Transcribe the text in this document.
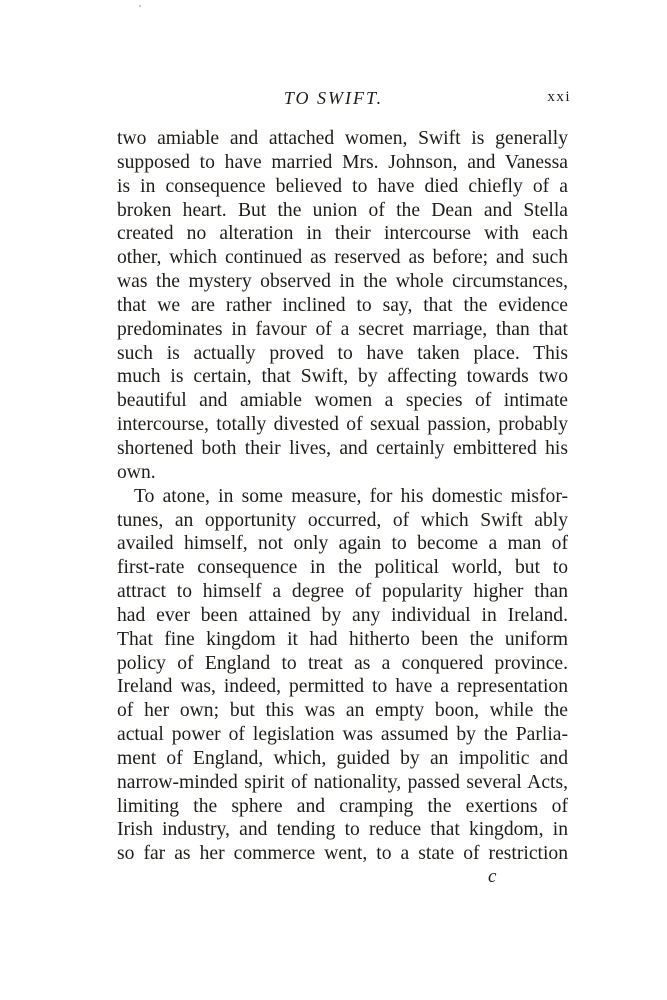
TO SWIFT.	xxi
two amiable and attached women, Swift is generally
supposed to have married Mrs. Johnson, and Vanessa
is in consequence believed to have died chiefly of a
broken heart. But the union of the Dean and Stella
created no alteration in their intercourse with each
other, which continued as reserved as before; and such
was the mystery observed in the whole circumstances,
that we are rather inclined to say, that the evidence
predominates in favour of a secret marriage, than that
such is actually proved to have taken place. This
much is certain, that Swift, by affecting towards two
beautiful and amiable women a species of intimate
intercourse, totally divested of sexual passion, probably
shortened both their lives, and certainly embittered his
own.
To atone, in some measure, for his domestic misfor-
tunes, an opportunity occurred, of which Swift ably
availed himself, not only again to become a man of
first-rate consequence in the political world, but to
attract to himself a degree of popularity higher than
had ever been attained by any individual in Ireland.
That fine kingdom it had hitherto been the uniform
policy of England to treat as a conquered province.
Ireland was, indeed, permitted to have a representation
of her own; but this was an empty boon, while the
actual power of legislation was assumed by the Parlia-
ment of England, which, guided by an impolitic and
narrow-minded spirit of nationality, passed several Acts,
limiting the sphere and cramping the exertions of
Irish industry, and tending to reduce that kingdom, in
so far as her commerce went, to a state of restriction
c
